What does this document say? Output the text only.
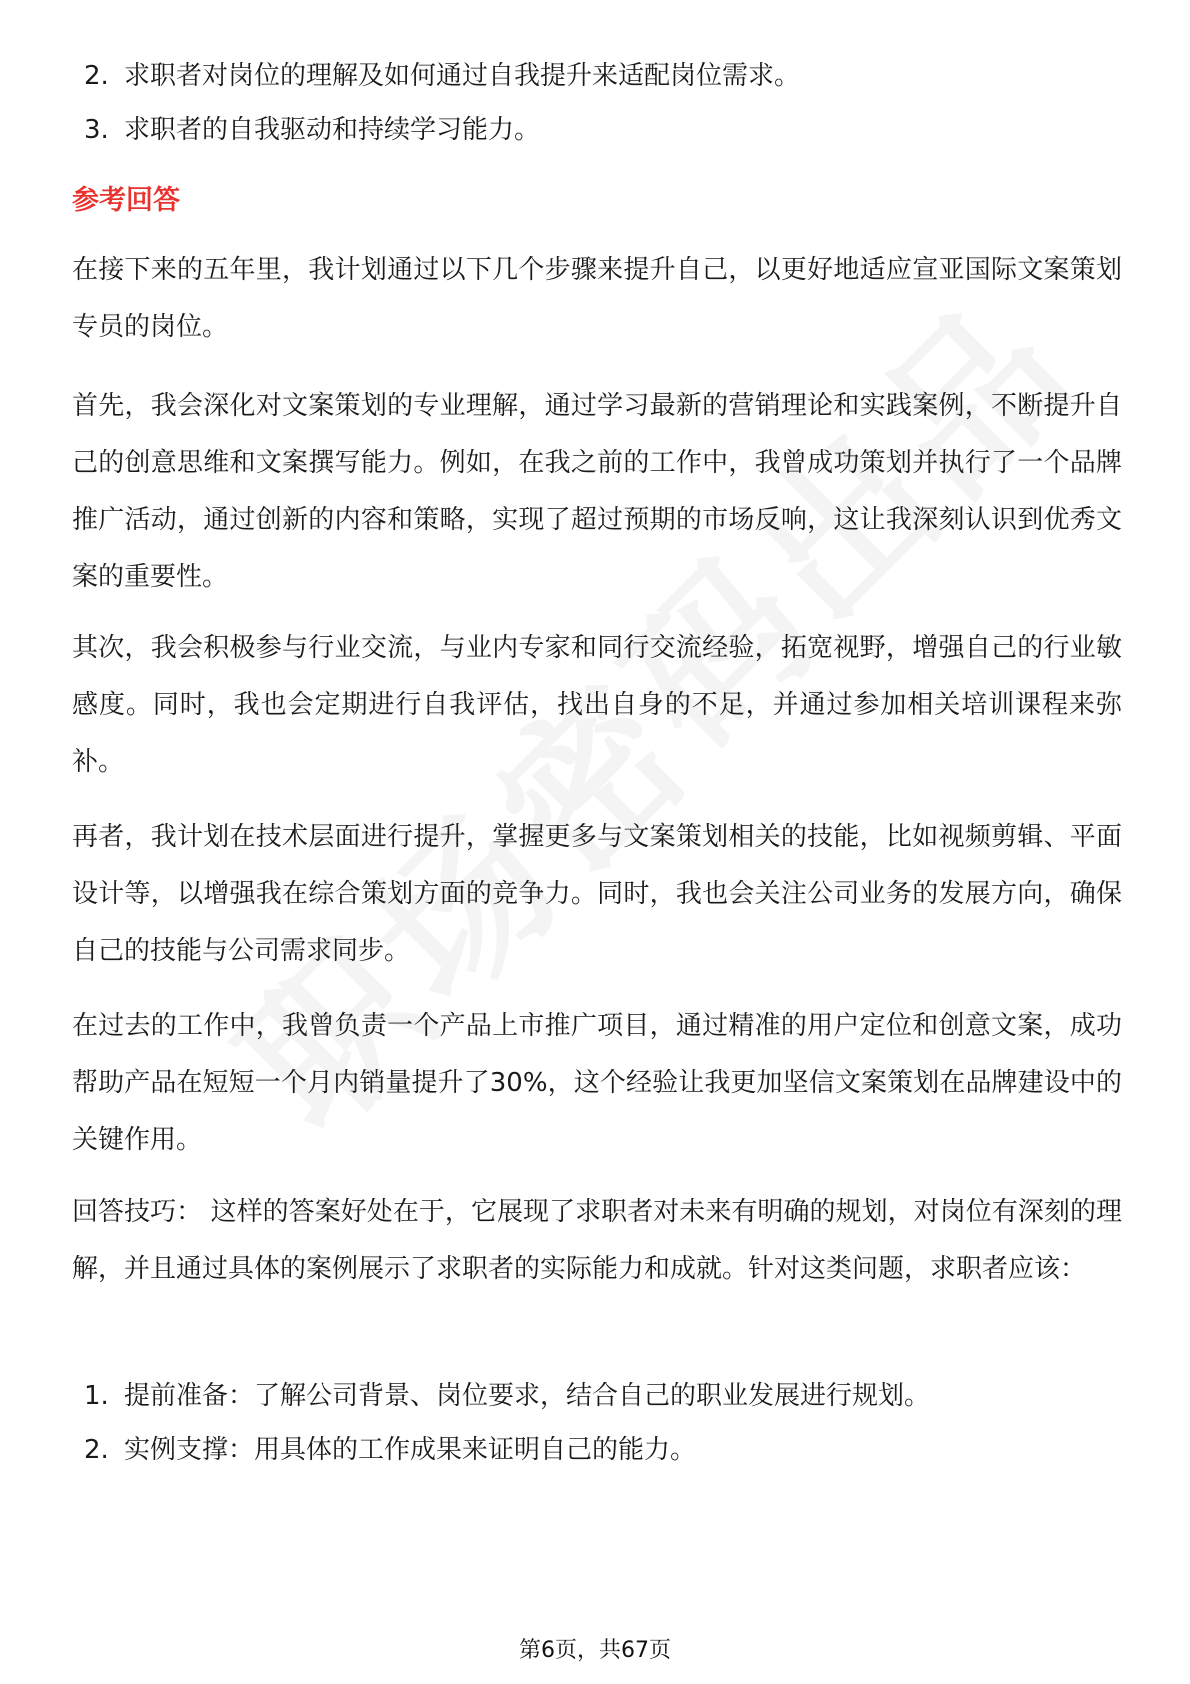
2. 求职者对岗位的理解及如何通过自我提升来适配岗位需求。
3. 求职者的自我驱动和持续学习能力。
参考回答
在接下来的五年里，我计划通过以下几个步骤来提升自己，以更好地适应宣亚国际文案策划专员的岗位。
首先，我会深化对文案策划的专业理解，通过学习最新的营销理论和实践案例，不断提升自己的创意思维和文案撰写能力。例如，在我之前的工作中，我曾成功策划并执行了一个品牌推广活动，通过创新的内容和策略，实现了超过预期的市场反响，这让我深刻认识到优秀文案的重要性。
其次，我会积极参与行业交流，与业内专家和同行交流经验，拓宽视野，增强自己的行业敏感度。同时，我也会定期进行自我评估，找出自身的不足，并通过参加相关培训课程来弥补。
再者，我计划在技术层面进行提升，掌握更多与文案策划相关的技能，比如视频剪辑、平面设计等，以增强我在综合策划方面的竞争力。同时，我也会关注公司业务的发展方向，确保自己的技能与公司需求同步。
在过去的工作中，我曾负责一个产品上市推广项目，通过精准的用户定位和创意文案，成功帮助产品在短短一个月内销量提升了30%，这个经验让我更加坚信文案策划在品牌建设中的关键作用。
回答技巧： 这样的答案好处在于，它展现了求职者对未来有明确的规划，对岗位有深刻的理解，并且通过具体的案例展示了求职者的实际能力和成就。针对这类问题，求职者应该：
1. 提前准备：了解公司背景、岗位要求，结合自己的职业发展进行规划。
2. 实例支撑：用具体的工作成果来证明自己的能力。
第6页，共67页
